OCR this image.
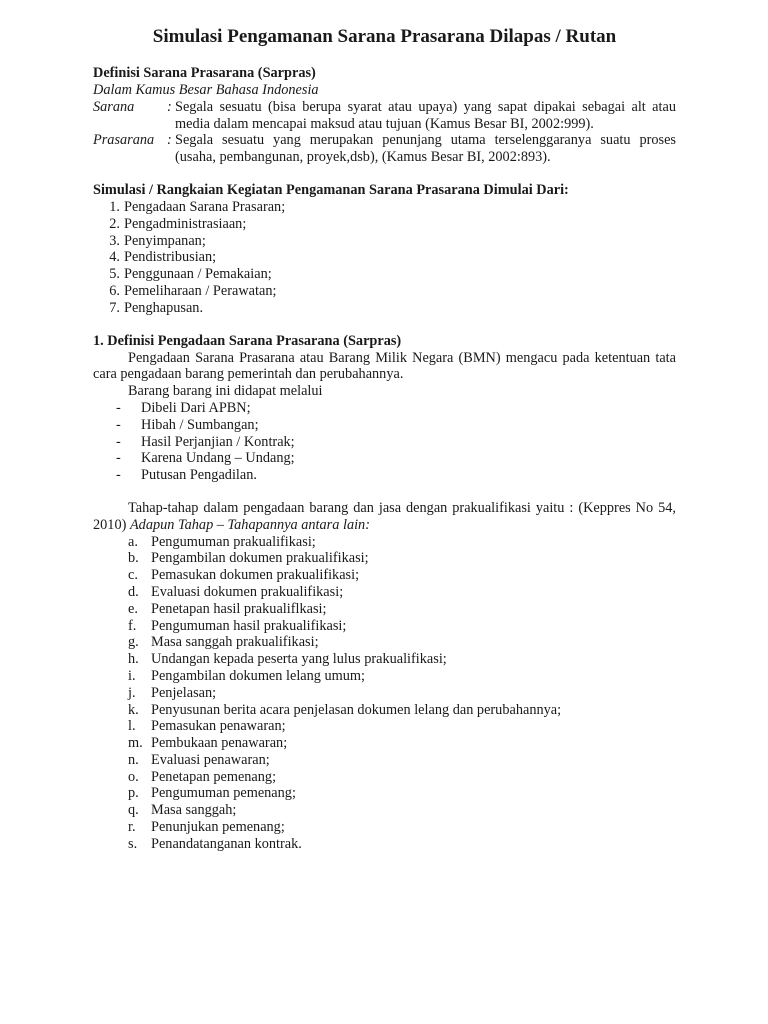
Simulasi Pengamanan Sarana Prasarana Dilapas / Rutan
Definisi Sarana Prasarana (Sarpras)
Dalam Kamus Besar Bahasa Indonesia
Sarana	: Segala sesuatu (bisa berupa syarat atau upaya) yang sapat dipakai sebagai alt atau media dalam mencapai maksud atau tujuan (Kamus Besar BI, 2002:999).
Prasarana : Segala sesuatu yang merupakan penunjang utama terselenggaranya suatu proses (usaha, pembangunan, proyek,dsb), (Kamus Besar BI, 2002:893).
Simulasi / Rangkaian Kegiatan Pengamanan Sarana Prasarana Dimulai Dari:
1. Pengadaan Sarana Prasaran;
2. Pengadministrasiaan;
3. Penyimpanan;
4. Pendistribusian;
5. Penggunaan / Pemakaian;
6. Pemeliharaan / Perawatan;
7. Penghapusan.
1. Definisi Pengadaan Sarana Prasarana (Sarpras)
Pengadaan Sarana Prasarana atau Barang Milik Negara (BMN) mengacu pada ketentuan tata cara pengadaan barang pemerintah dan perubahannya.
Barang barang ini didapat melalui
-	Dibeli Dari APBN;
-	Hibah / Sumbangan;
-	Hasil Perjanjian / Kontrak;
-	Karena Undang – Undang;
-	Putusan Pengadilan.
Tahap-tahap dalam pengadaan barang dan jasa dengan prakualifikasi yaitu : (Keppres No 54, 2010) Adapun Tahap – Tahapannya antara lain:
a. Pengumuman prakualifikasi;
b. Pengambilan dokumen prakualifikasi;
c. Pemasukan dokumen prakualifikasi;
d. Evaluasi dokumen prakualifikasi;
e. Penetapan hasil prakualiflkasi;
f.	Pengumuman hasil prakualifikasi;
g. Masa sanggah prakualifikasi;
h. Undangan kepada peserta yang lulus prakualifikasi;
i.	Pengambilan dokumen lelang umum;
j.	Penjelasan;
k. Penyusunan berita acara penjelasan dokumen lelang dan perubahannya;
l.	Pemasukan penawaran;
m. Pembukaan penawaran;
n. Evaluasi penawaran;
o. Penetapan pemenang;
p. Pengumuman pemenang;
q. Masa sanggah;
r.	Penunjukan pemenang;
s. Penandatanganan kontrak.
